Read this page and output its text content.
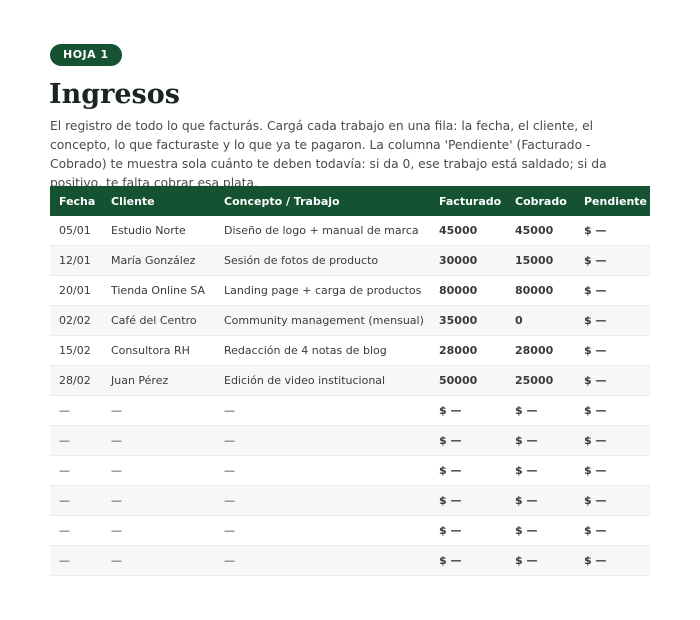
HOJA 1
Ingresos

El registro de todo lo que facturás. Cargá cada trabajo en una fila: la fecha, el cliente, el concepto, lo que facturaste y lo que ya te pagaron. La columna 'Pendiente' (Facturado - Cobrado) te muestra sola cuánto te deben todavía: si da 0, ese trabajo está saldado; si da positivo, te falta cobrar esa plata.

Fecha	Cliente	Concepto / Trabajo	Facturado	Cobrado	Pendiente
05/01	Estudio Norte	Diseño de logo + manual de marca	45000	45000	$ —
12/01	María González	Sesión de fotos de producto	30000	15000	$ —
20/01	Tienda Online SA	Landing page + carga de productos	80000	80000	$ —
02/02	Café del Centro	Community management (mensual)	35000	0	$ —
15/02	Consultora RH	Redacción de 4 notas de blog	28000	28000	$ —
28/02	Juan Pérez	Edición de video institucional	50000	25000	$ —
—	—	—	$ —	$ —	$ —
—	—	—	$ —	$ —	$ —
—	—	—	$ —	$ —	$ —
—	—	—	$ —	$ —	$ —
—	—	—	$ —	$ —	$ —
—	—	—	$ —	$ —	$ —
